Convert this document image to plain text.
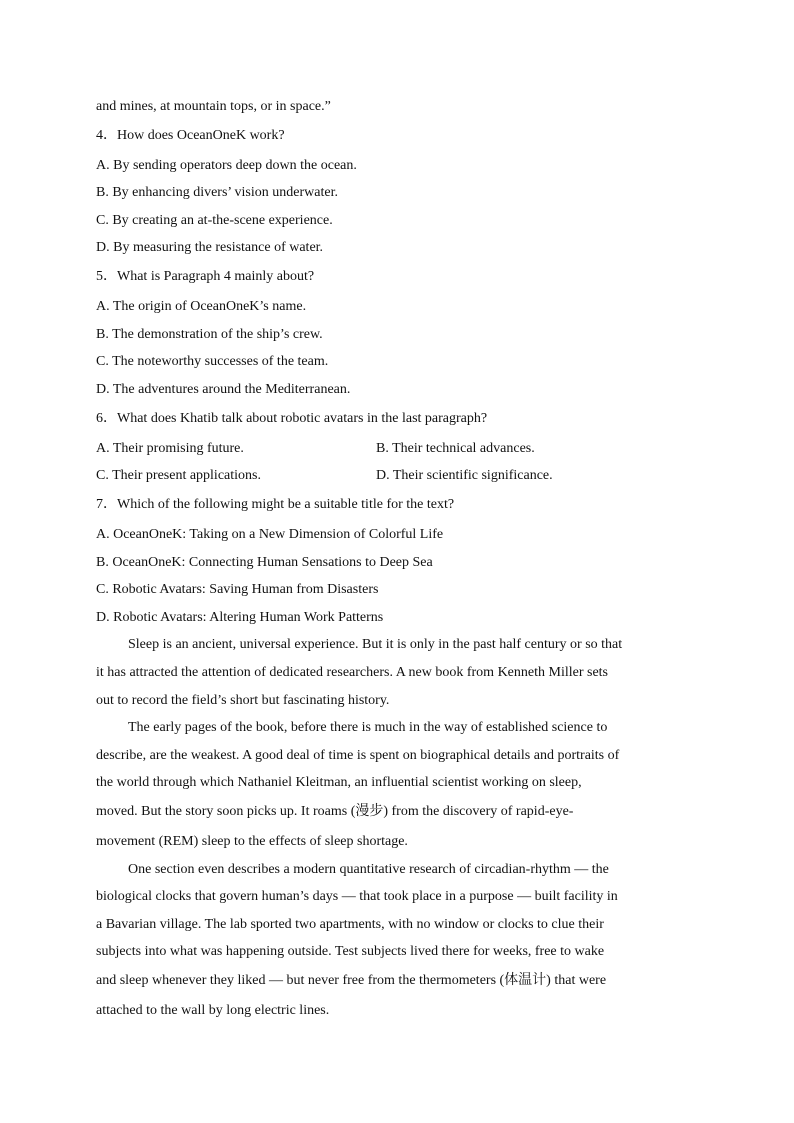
and mines, at mountain tops, or in space.”
4．How does OceanOneK work?
A. By sending operators deep down the ocean.
B. By enhancing divers’ vision underwater.
C. By creating an at-the-scene experience.
D. By measuring the resistance of water.
5．What is Paragraph 4 mainly about?
A. The origin of OceanOneK’s name.
B. The demonstration of the ship’s crew.
C. The noteworthy successes of the team.
D. The adventures around the Mediterranean.
6．What does Khatib talk about robotic avatars in the last paragraph?
A. Their promising future.	B. Their technical advances.
C. Their present applications.	D. Their scientific significance.
7．Which of the following might be a suitable title for the text?
A. OceanOneK: Taking on a New Dimension of Colorful Life
B. OceanOneK: Connecting Human Sensations to Deep Sea
C. Robotic Avatars: Saving Human from Disasters
D. Robotic Avatars: Altering Human Work Patterns
Sleep is an ancient, universal experience. But it is only in the past half century or so that
it has attracted the attention of dedicated researchers. A new book from Kenneth Miller sets
out to record the field’s short but fascinating history.
The early pages of the book, before there is much in the way of established science to
describe, are the weakest. A good deal of time is spent on biographical details and portraits of
the world through which Nathaniel Kleitman, an influential scientist working on sleep,
moved. But the story soon picks up. It roams (漫步) from the discovery of rapid-eye-
movement (REM) sleep to the effects of sleep shortage.
One section even describes a modern quantitative research of circadian-rhythm — the
biological clocks that govern human’s days — that took place in a purpose — built facility in
a Bavarian village. The lab sported two apartments, with no window or clocks to clue their
subjects into what was happening outside. Test subjects lived there for weeks, free to wake
and sleep whenever they liked — but never free from the thermometers (体温计) that were
attached to the wall by long electric lines.
